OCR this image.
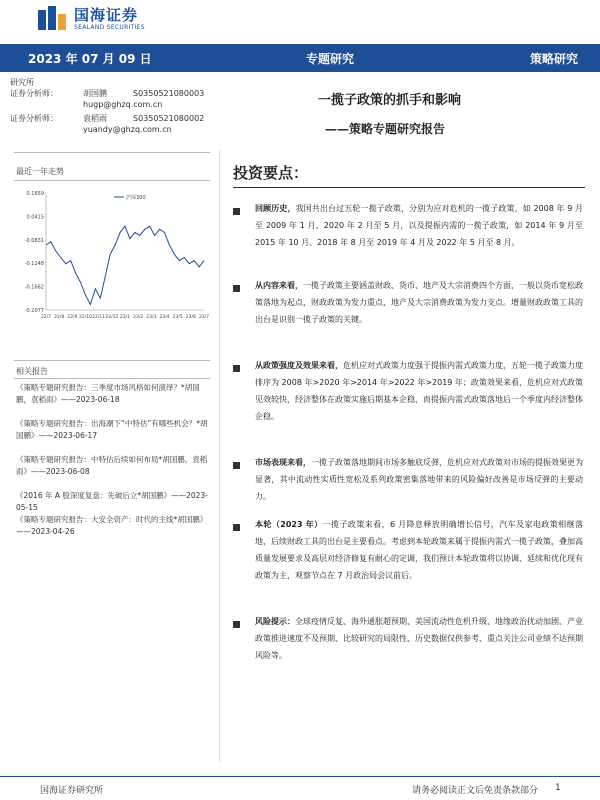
国海证券
SEALAND SECURITIES
2023 年 07 月 09 日	专题研究	策略研究
研究所
证券分析师：	胡国鹏	S0350521080003
hugp@ghzq.com.cn
证券分析师：	袁稻雨	S0350521080002
yuandy@ghzq.com.cn
一揽子政策的抓手和影响
——策略专题研究报告
最近一年走势
0.1659
0.0415
-0.0831
-0.1248
-0.1662
-0.2077
22/7 22/8 22/9 22/10 22/11 22/12 23/1 23/2 23/3 23/4 23/5 23/6 23/7
沪深300
相关报告
《策略专题研究报告：三季度市场风格如何演绎？*胡国鹏，袁稻雨》——2023-06-18
《策略专题研究报告：出海潮下“中特估”有哪些机会？*胡国鹏》——2023-06-17
《策略专题研究报告：中特估后续如何布局*胡国鹏，袁稻雨》——2023-06-08
《2016 年 A 股深度复盘：先破后立*胡国鹏》——2023-05-15
《策略专题研究报告：大安全资产：时代的主线*胡国鹏》——2023-04-26
投资要点：
回顾历史，我国共出台过五轮一揽子政策，分别为应对危机的一揽子政策，如 2008 年 9 月至 2009 年 1 月、2020 年 2 月至 5 月，以及提振内需的一揽子政策，如 2014 年 9 月至 2015 年 10 月、2018 年 8 月至 2019 年 4 月及 2022 年 5 月至 8 月。
从内容来看，一揽子政策主要涵盖财政、货币、地产及大宗消费四个方面，一般以货币宽松政策落地为起点，财政政策为发力重点，地产及大宗消费政策为发力支点。增量财政政策工具的出台是识别一揽子政策的关键。
从政策强度及效果来看，危机应对式政策力度强于提振内需式政策力度，五轮一揽子政策力度排序为 2008 年>2020 年>2014 年>2022 年>2019 年；政策效果来看，危机应对式政策见效较快，经济整体在政策实施后期基本企稳，而提振内需式政策落地后一个季度内经济整体企稳。
市场表现来看，一揽子政策落地期间市场多触底反弹，危机应对式政策对市场的提振效果更为显著，其中流动性实质性宽松及系列政策密集落地带来的风险偏好改善是市场反弹的主要动力。
本轮（2023 年）一揽子政策来看，6 月降息释放明确增长信号，汽车及家电政策相继落地，后续财政工具的出台是主要看点。考虑到本轮政策来属于提振内需式一揽子政策，叠加高质量发展要求及高层对经济修复有耐心的定调，我们预计本轮政策将以协调、延续和优化现有政策为主，观察节点在 7 月政治局会议前后。
风险提示：全球疫情反复、海外通胀超预期、美国流动性危机升级、地缘政治扰动加剧、产业政策推进速度不及预期、比较研究的局限性、历史数据仅供参考、重点关注公司业绩不达预期风险等。
国海证券研究所	请务必阅读正文后免责条款部分 1
